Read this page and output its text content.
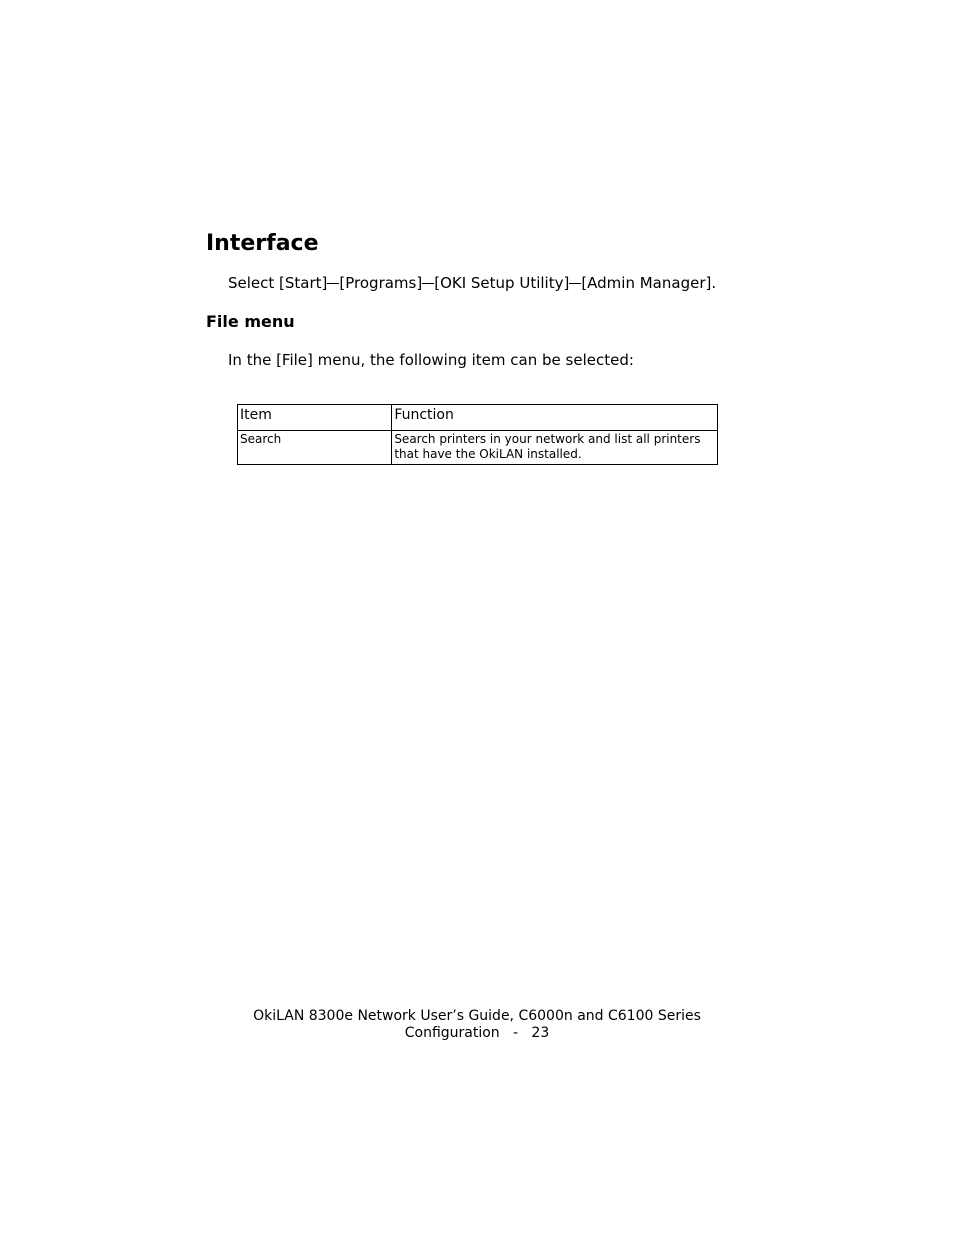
Interface
Select [Start] [Programs] [OKI Setup Utility] [Admin Manager].
File menu
In the [File] menu, the following item can be selected:
Item	Function
Search	Search printers in your network and list all printers that have the OkiLAN installed.
OkiLAN 8300e Network User’s Guide, C6000n and C6100 Series
Configuration   -   23
